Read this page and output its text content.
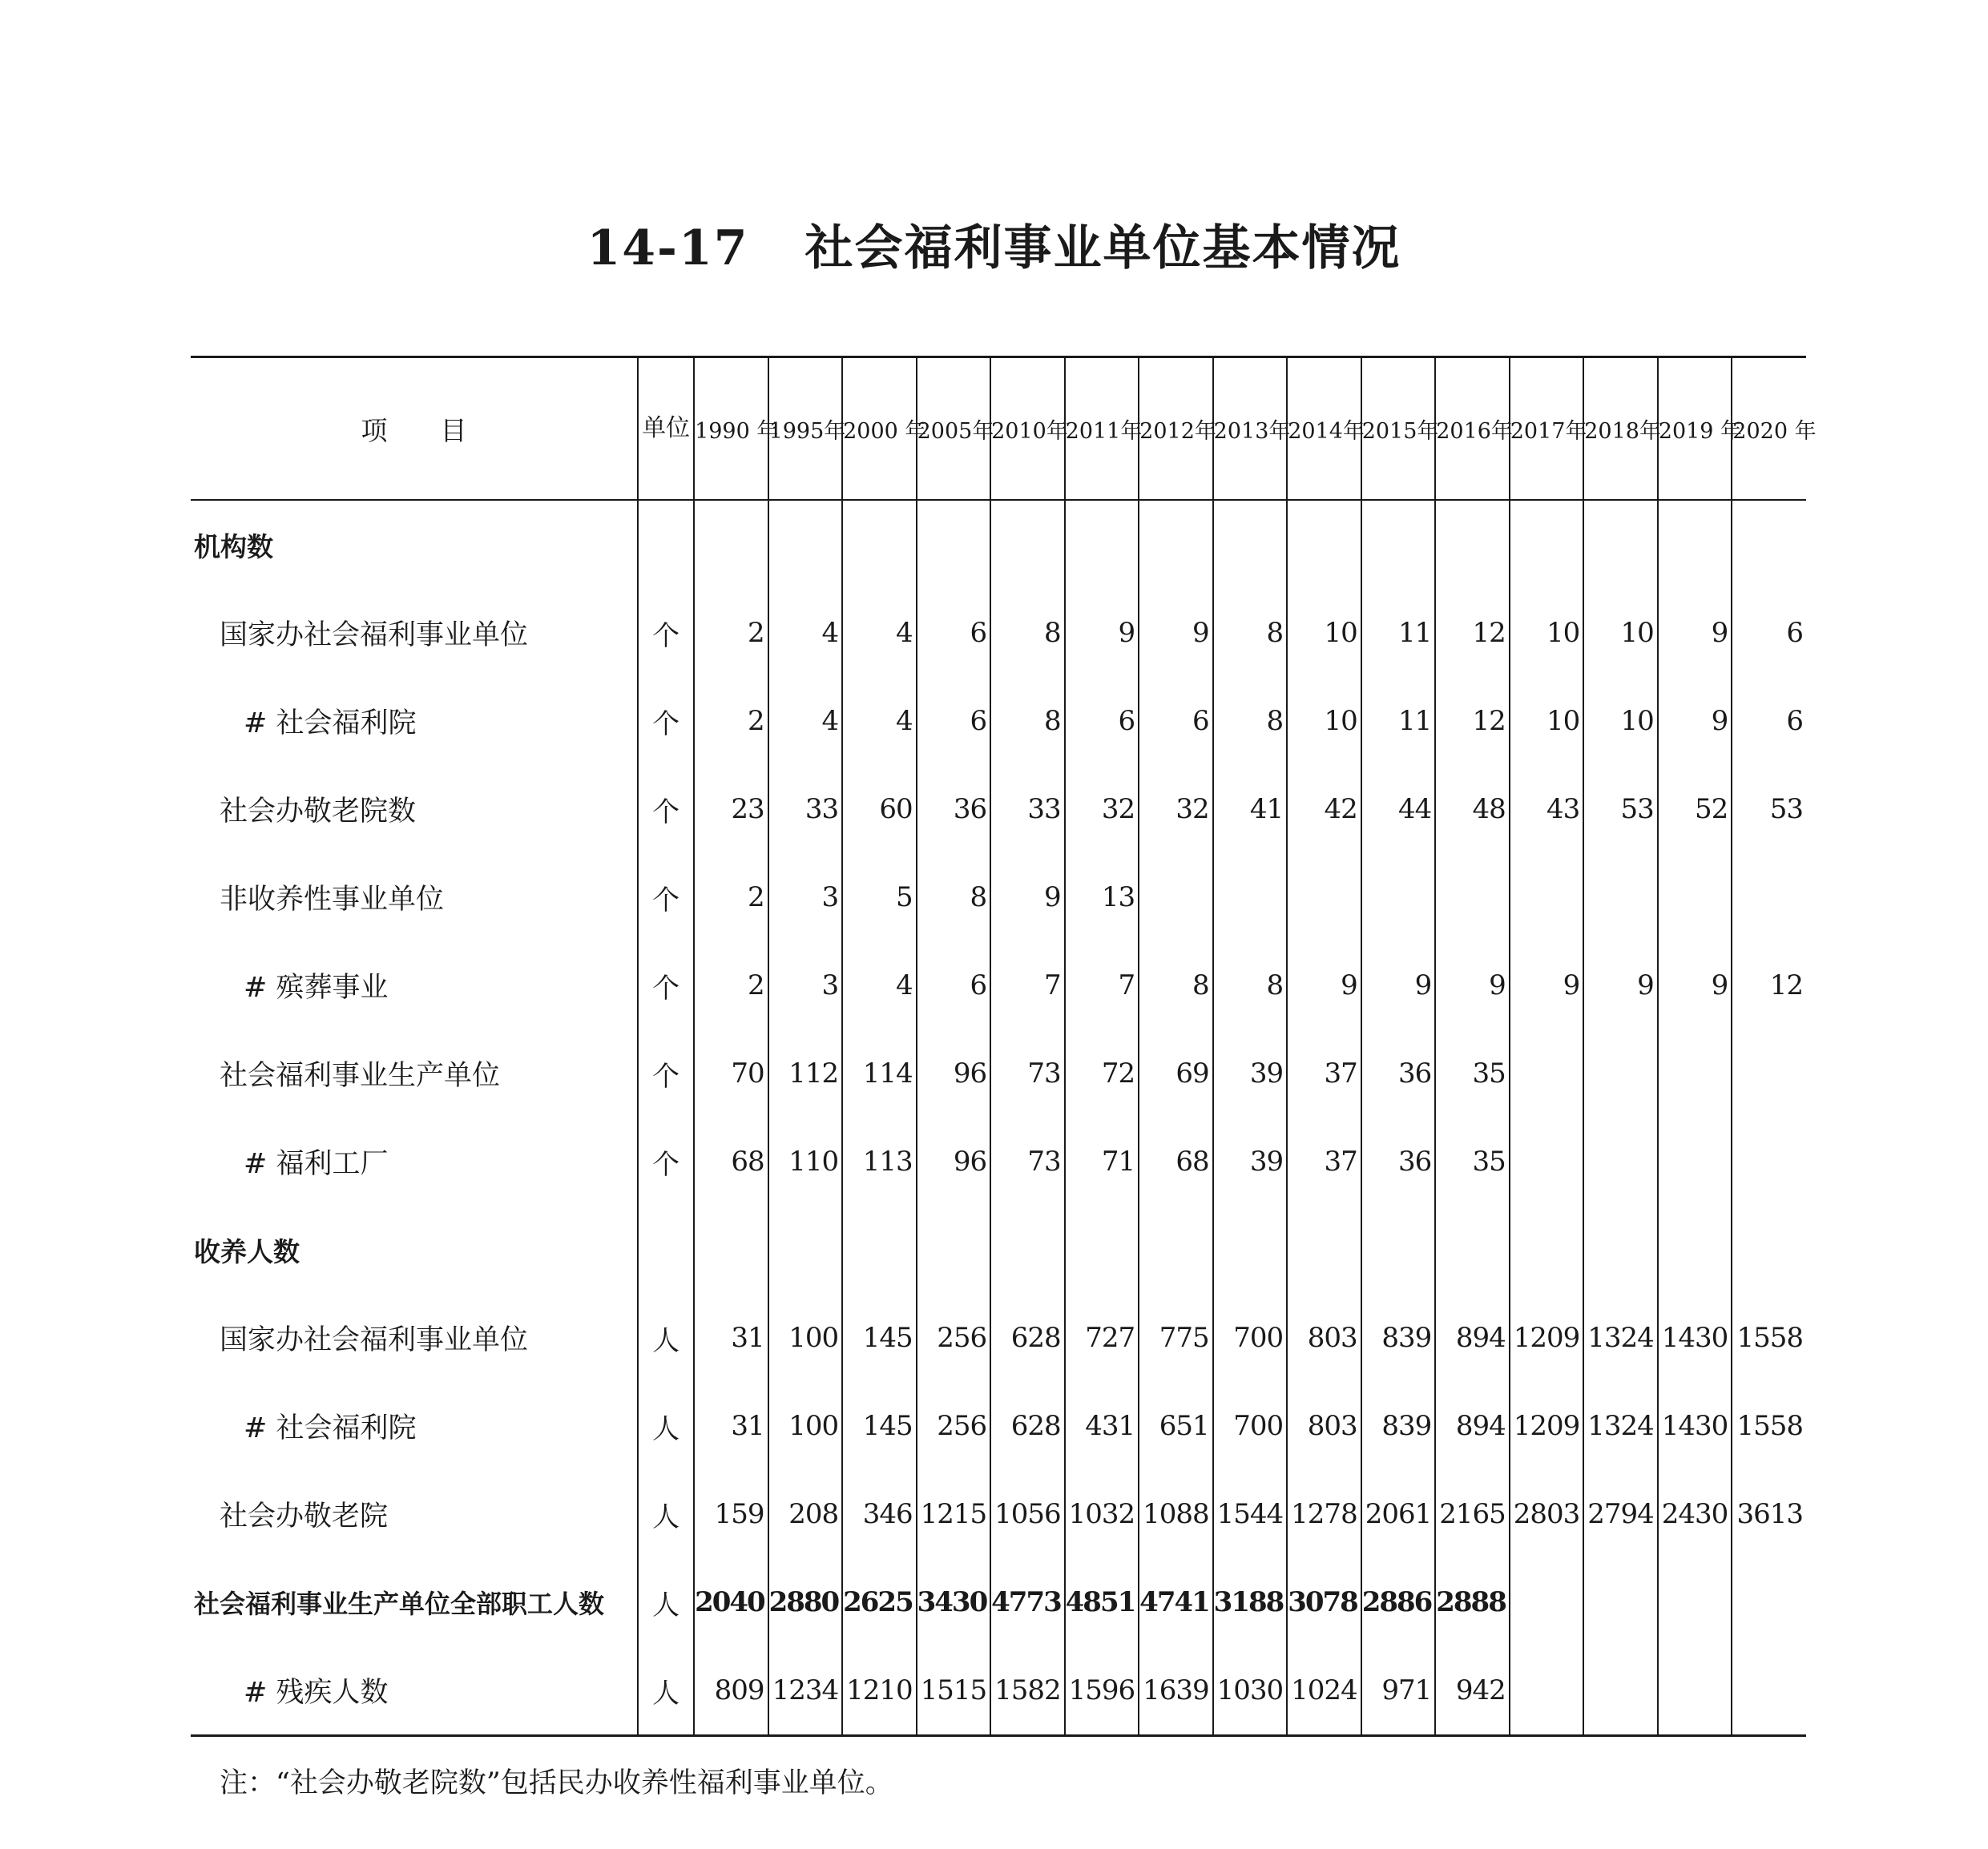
14-17 社会福利事业单位基本情况
项　　目	单位	1990 年	1995年	2000 年	2005年	2010年	2011年	2012年	2013年	2014年	2015年	2016年	2017年	2018年	2019 年	2020 年
机构数																
国家办社会福利事业单位	个	2	4	4	6	8	9	9	8	10	11	12	10	10	9	6
# 社会福利院	个	2	4	4	6	8	6	6	8	10	11	12	10	10	9	6
社会办敬老院数	个	23	33	60	36	33	32	32	41	42	44	48	43	53	52	53
非收养性事业单位	个	2	3	5	8	9	13									
# 殡葬事业	个	2	3	4	6	7	7	8	8	9	9	9	9	9	9	12
社会福利事业生产单位	个	70	112	114	96	73	72	69	39	37	36	35				
# 福利工厂	个	68	110	113	96	73	71	68	39	37	36	35				
收养人数																
国家办社会福利事业单位	人	31	100	145	256	628	727	775	700	803	839	894	1209	1324	1430	1558
# 社会福利院	人	31	100	145	256	628	431	651	700	803	839	894	1209	1324	1430	1558
社会办敬老院	人	159	208	346	1215	1056	1032	1088	1544	1278	2061	2165	2803	2794	2430	3613
社会福利事业生产单位全部职工人数	人	2040	2880	2625	3430	4773	4851	4741	3188	3078	2886	2888				
# 残疾人数	人	809	1234	1210	1515	1582	1596	1639	1030	1024	971	942				

注：“社会办敬老院数”包括民办收养性福利事业单位。
